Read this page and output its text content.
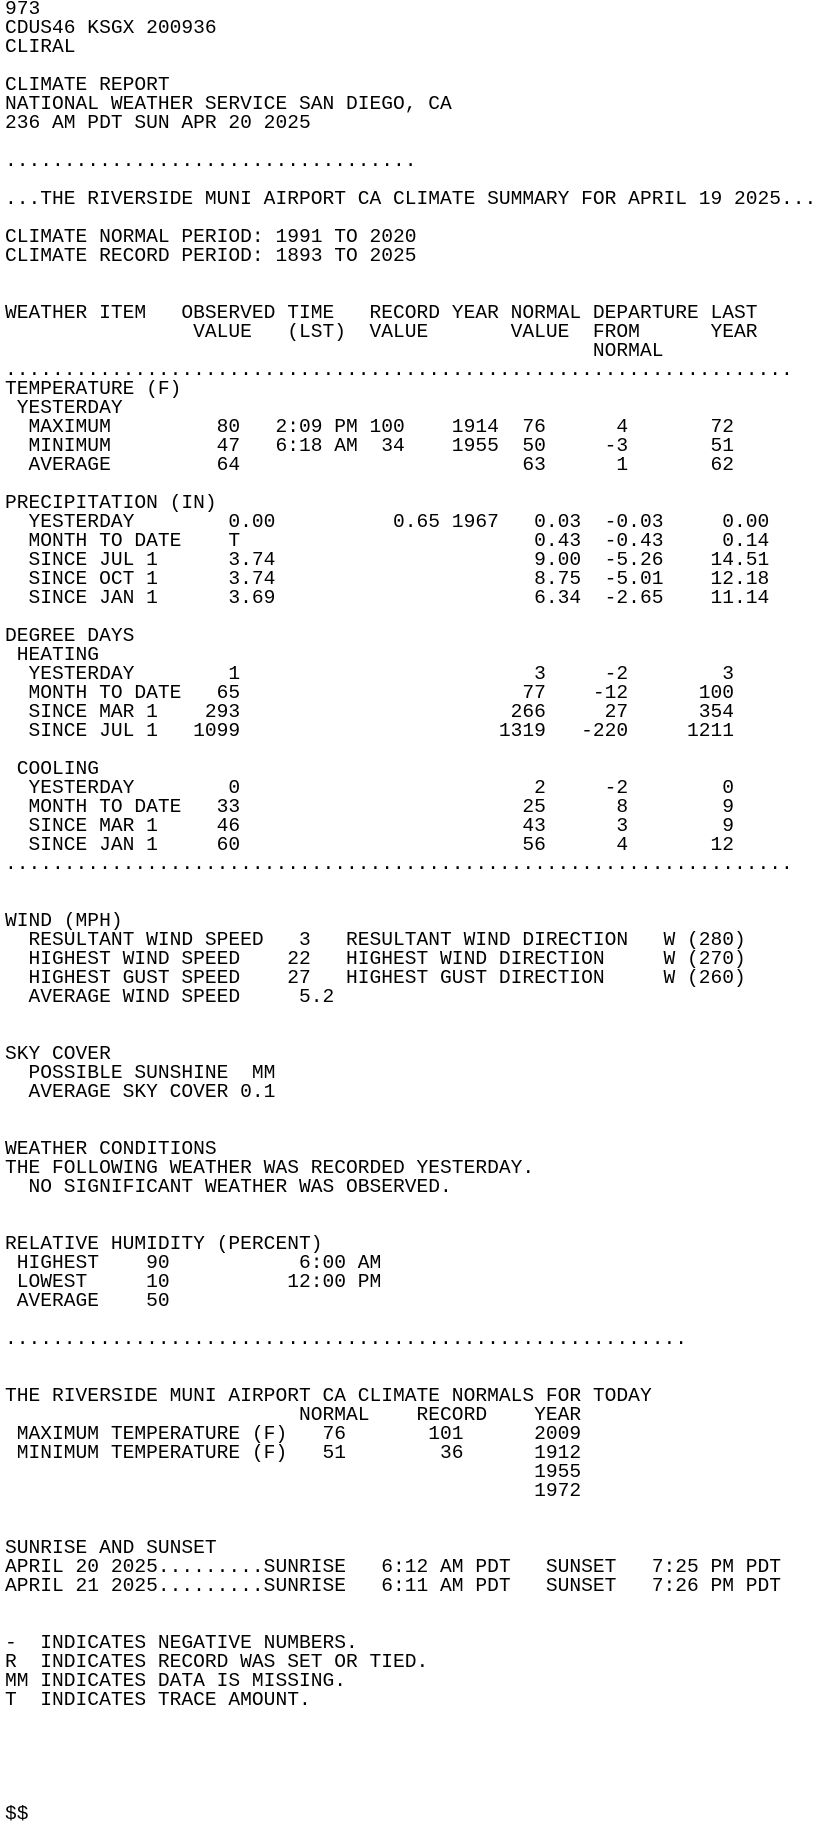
973
CDUS46 KSGX 200936
CLIRAL
CLIMATE REPORT
NATIONAL WEATHER SERVICE SAN DIEGO, CA
236 AM PDT SUN APR 20 2025
...................................
...THE RIVERSIDE MUNI AIRPORT CA CLIMATE SUMMARY FOR APRIL 19 2025...
CLIMATE NORMAL PERIOD: 1991 TO 2020
CLIMATE RECORD PERIOD: 1893 TO 2025
WEATHER ITEM   OBSERVED TIME   RECORD YEAR NORMAL DEPARTURE LAST
VALUE   (LST)  VALUE       VALUE  FROM      YEAR
NORMAL
...................................................................
TEMPERATURE (F)
YESTERDAY
MAXIMUM         80   2:09 PM 100    1914  76      4       72
MINIMUM         47   6:18 AM  34    1955  50     -3       51
AVERAGE         64                        63      1       62
PRECIPITATION (IN)
YESTERDAY        0.00          0.65 1967   0.03  -0.03     0.00
MONTH TO DATE    T                         0.43  -0.43     0.14
SINCE JUL 1      3.74                      9.00  -5.26    14.51
SINCE OCT 1      3.74                      8.75  -5.01    12.18
SINCE JAN 1      3.69                      6.34  -2.65    11.14
DEGREE DAYS
HEATING
YESTERDAY        1                         3     -2        3
MONTH TO DATE   65                        77    -12      100
SINCE MAR 1    293                       266     27      354
SINCE JUL 1   1099                      1319   -220     1211
COOLING
YESTERDAY        0                         2     -2        0
MONTH TO DATE   33                        25      8        9
SINCE MAR 1     46                        43      3        9
SINCE JAN 1     60                        56      4       12
...................................................................
WIND (MPH)
RESULTANT WIND SPEED   3   RESULTANT WIND DIRECTION   W (280)
HIGHEST WIND SPEED    22   HIGHEST WIND DIRECTION     W (270)
HIGHEST GUST SPEED    27   HIGHEST GUST DIRECTION     W (260)
AVERAGE WIND SPEED     5.2
SKY COVER
POSSIBLE SUNSHINE  MM
AVERAGE SKY COVER 0.1
WEATHER CONDITIONS
THE FOLLOWING WEATHER WAS RECORDED YESTERDAY.
NO SIGNIFICANT WEATHER WAS OBSERVED.
RELATIVE HUMIDITY (PERCENT)
HIGHEST    90           6:00 AM
LOWEST     10          12:00 PM
AVERAGE    50
..........................................................
THE RIVERSIDE MUNI AIRPORT CA CLIMATE NORMALS FOR TODAY
NORMAL    RECORD    YEAR
MAXIMUM TEMPERATURE (F)   76       101      2009
MINIMUM TEMPERATURE (F)   51        36      1912
1955
1972
SUNRISE AND SUNSET
APRIL 20 2025.........SUNRISE   6:12 AM PDT   SUNSET   7:25 PM PDT
APRIL 21 2025.........SUNRISE   6:11 AM PDT   SUNSET   7:26 PM PDT
-  INDICATES NEGATIVE NUMBERS.
R  INDICATES RECORD WAS SET OR TIED.
MM INDICATES DATA IS MISSING.
T  INDICATES TRACE AMOUNT.
$$
